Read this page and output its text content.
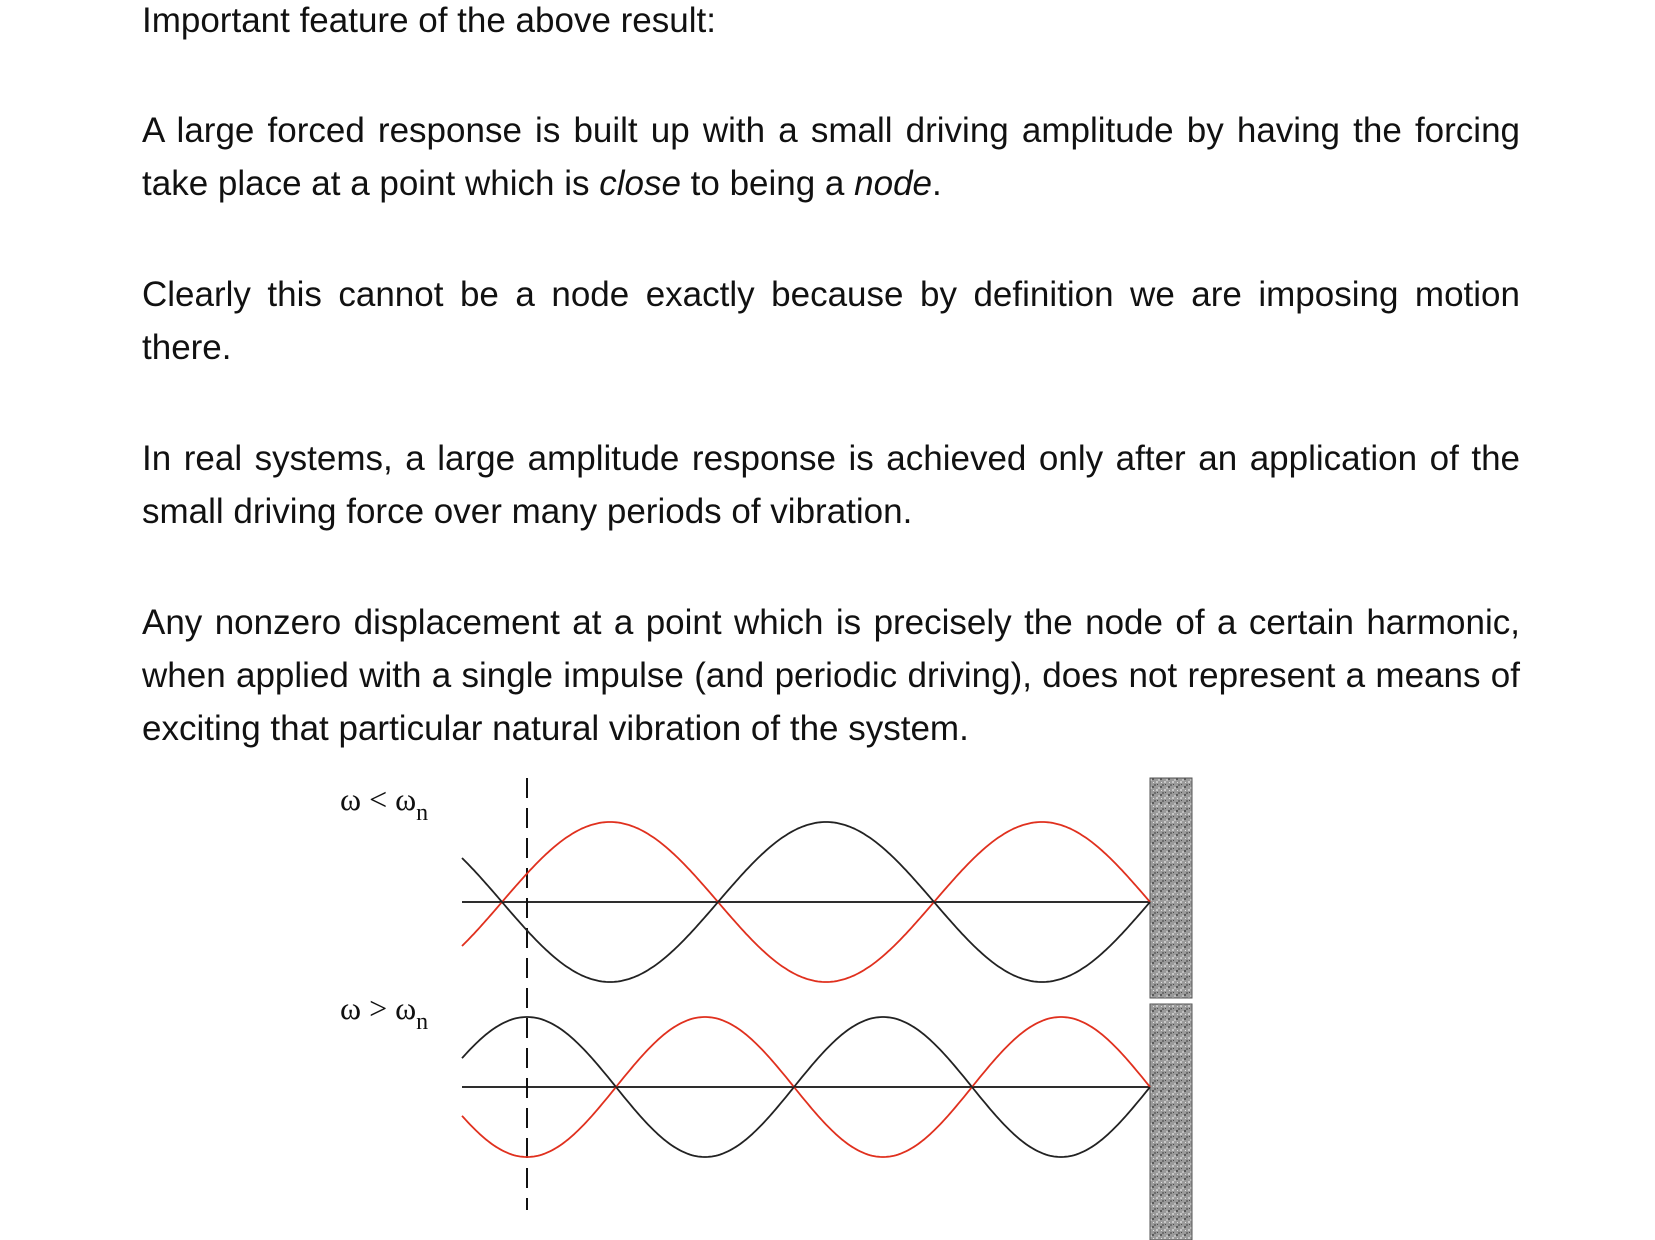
Important feature of the above result:

A large forced response is built up with a small driving amplitude by having the forcing take place at a point which is close to being a node.

Clearly this cannot be a node exactly because by definition we are imposing motion there.

In real systems, a large amplitude response is achieved only after an application of the small driving force over many periods of vibration.

Any nonzero displacement at a point which is precisely the node of a certain harmonic, when applied with a single impulse (and periodic driving), does not represent a means of exciting that particular natural vibration of the system.

$\omega < \omega_n$
$\omega > \omega_n$
